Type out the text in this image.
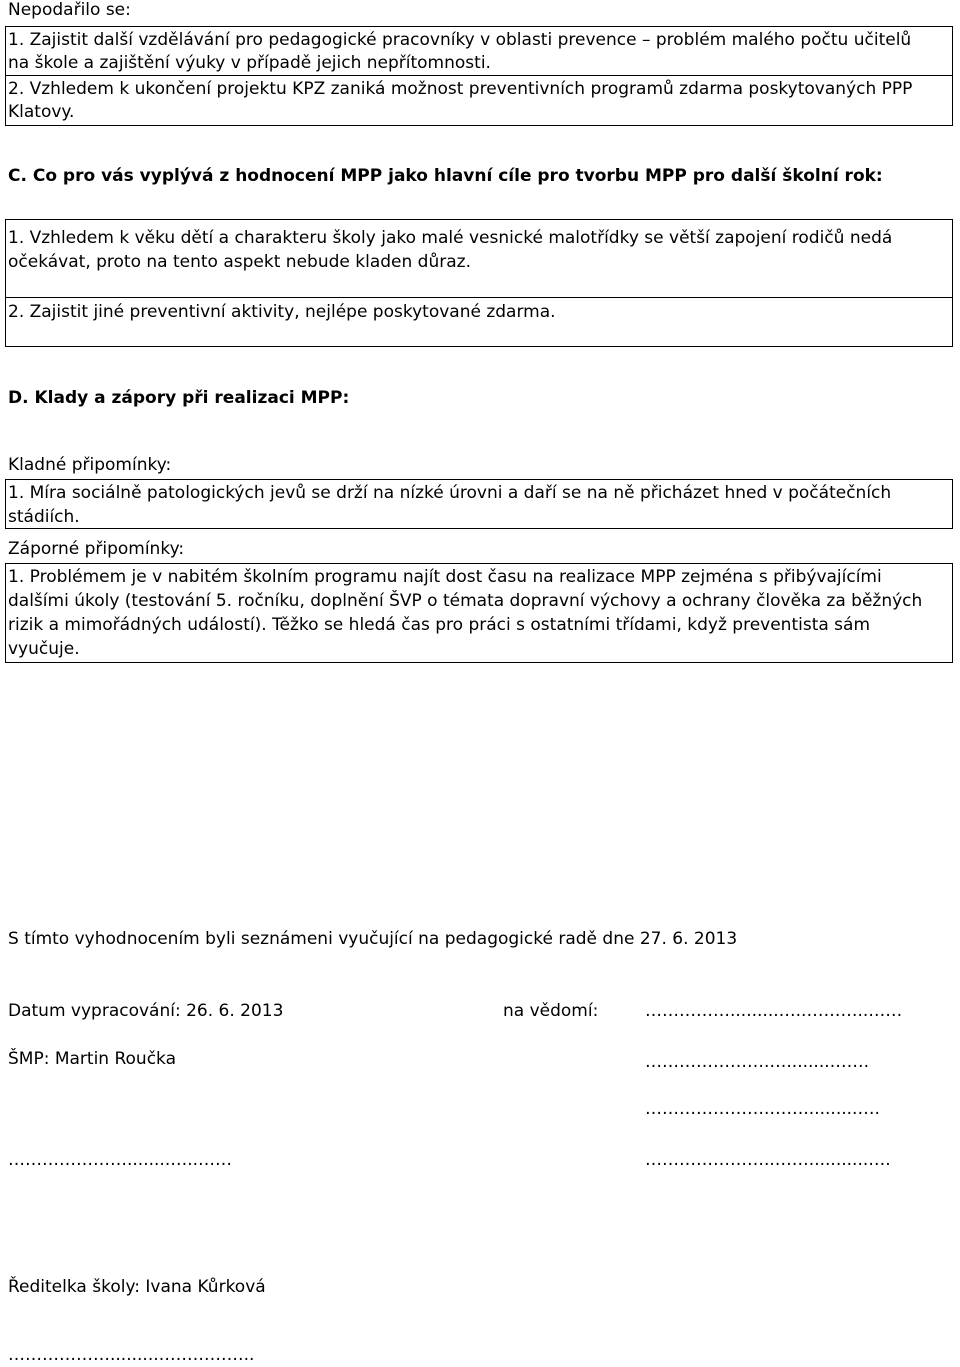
Nepodařilo se:
1. Zajistit další vzdělávání pro pedagogické pracovníky v oblasti prevence – problém malého počtu učitelů
na škole a zajištění výuky v případě jejich nepřítomnosti.
2. Vzhledem k ukončení projektu KPZ zaniká možnost preventivních programů zdarma poskytovaných PPP
Klatovy.
C. Co pro vás vyplývá z hodnocení MPP jako hlavní cíle pro tvorbu MPP pro další školní rok:
1. Vzhledem k věku dětí a charakteru školy jako malé vesnické malotřídky se větší zapojení rodičů nedá
očekávat, proto na tento aspekt nebude kladen důraz.
2. Zajistit jiné preventivní aktivity, nejlépe poskytované zdarma.
D. Klady a zápory při realizaci MPP:
Kladné připomínky:
1. Míra sociálně patologických jevů se drží na nízké úrovni a daří se na ně přicházet hned v počátečních
stádiích.
Záporné připomínky:
1. Problémem je v nabitém školním programu najít dost času na realizace MPP zejména s přibývajícími
dalšími úkoly (testování 5. ročníku, doplnění ŠVP o témata dopravní výchovy a ochrany člověka za běžných
rizik a mimořádných událostí). Těžko se hledá čas pro práci s ostatními třídami, když preventista sám
vyučuje.
S tímto vyhodnocením byli seznámeni vyučující na pedagogické radě dne 27. 6. 2013
Datum vypracování: 26. 6. 2013	na vědomí:	…………….........…..………..……
ŠMP: Martin Roučka	………………….…........…….
………………….……..........….
…………………........…..……	…………………..……...........….
Ředitelka školy: Ivana Kůrková
……………….........……………..
